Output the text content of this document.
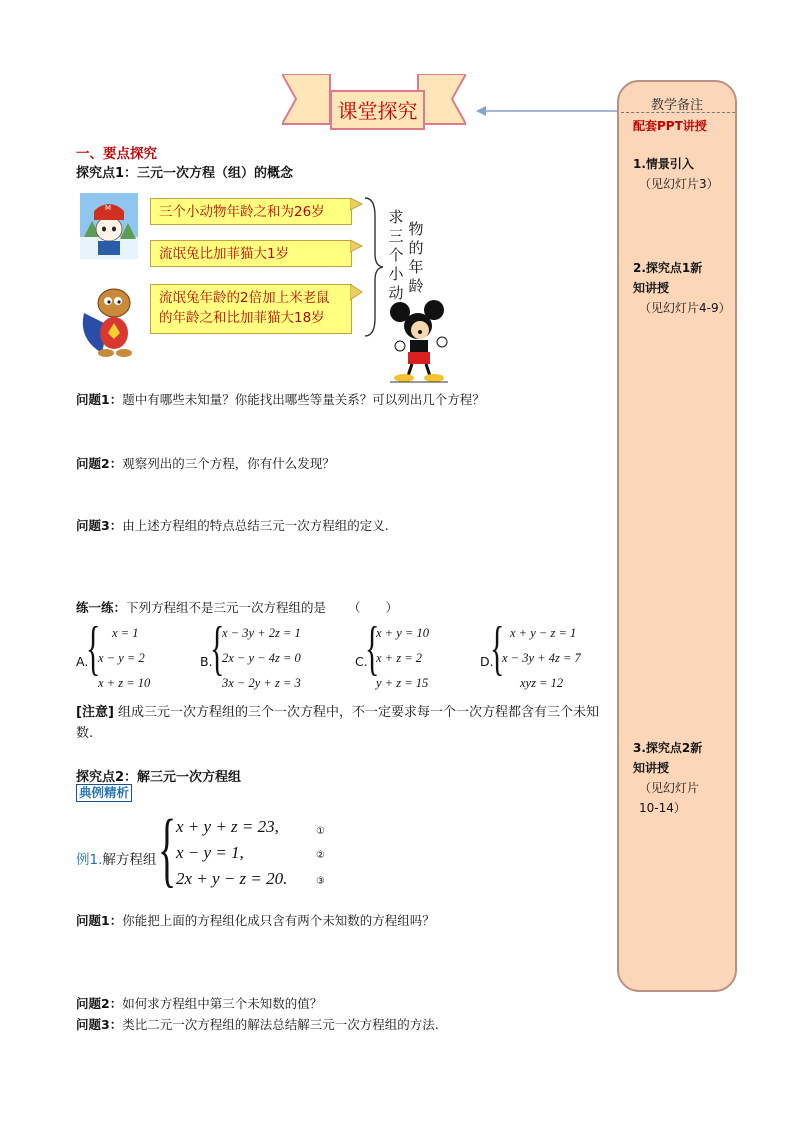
课堂探究
一、要点探究
探究点1：三元一次方程（组）的概念
M	三个小动物年龄之和为26岁
流氓兔比加菲猫大1岁
流氓兔年龄的2倍加上米老鼠的年龄之和比加菲猫大18岁
求三个小动
物的年龄
问题1：题中有哪些未知量？你能找出哪些等量关系？可以列出几个方程？
问题2：观察列出的三个方程，你有什么发现？
问题3：由上述方程组的特点总结三元一次方程组的定义.
练一练：下列方程组不是三元一次方程组的是 （　　）
A.
{ x = 1
x − y = 2
x + z = 10
B.
{
x − 3y + 2z = 1
2x − y − 4z = 0
3x − 2y + z = 3
C.
{
x + y = 10
x + z = 2
y + z = 15
D.
{ x + y − z = 1
x − 3y + 4z = 7
xyz = 12
[注意] 组成三元一次方程组的三个一次方程中，不一定要求每一个一次方程都含有三个未知数.
探究点2：解三元一次方程组
典例精析
例1.解方程组 { x + y + z = 23,
x − y = 1,
2x + y − z = 20.
①
②
③
问题1：你能把上面的方程组化成只含有两个未知数的方程组吗？
问题2：如何求方程组中第三个未知数的值？
问题3：类比二元一次方程组的解法总结解三元一次方程组的方法.
教学备注
配套PPT讲授
1.情景引入
（见幻灯片3）
2.探究点1新
知讲授
（见幻灯片4-9）
3.探究点2新
知讲授
（见幻灯片
10-14）
